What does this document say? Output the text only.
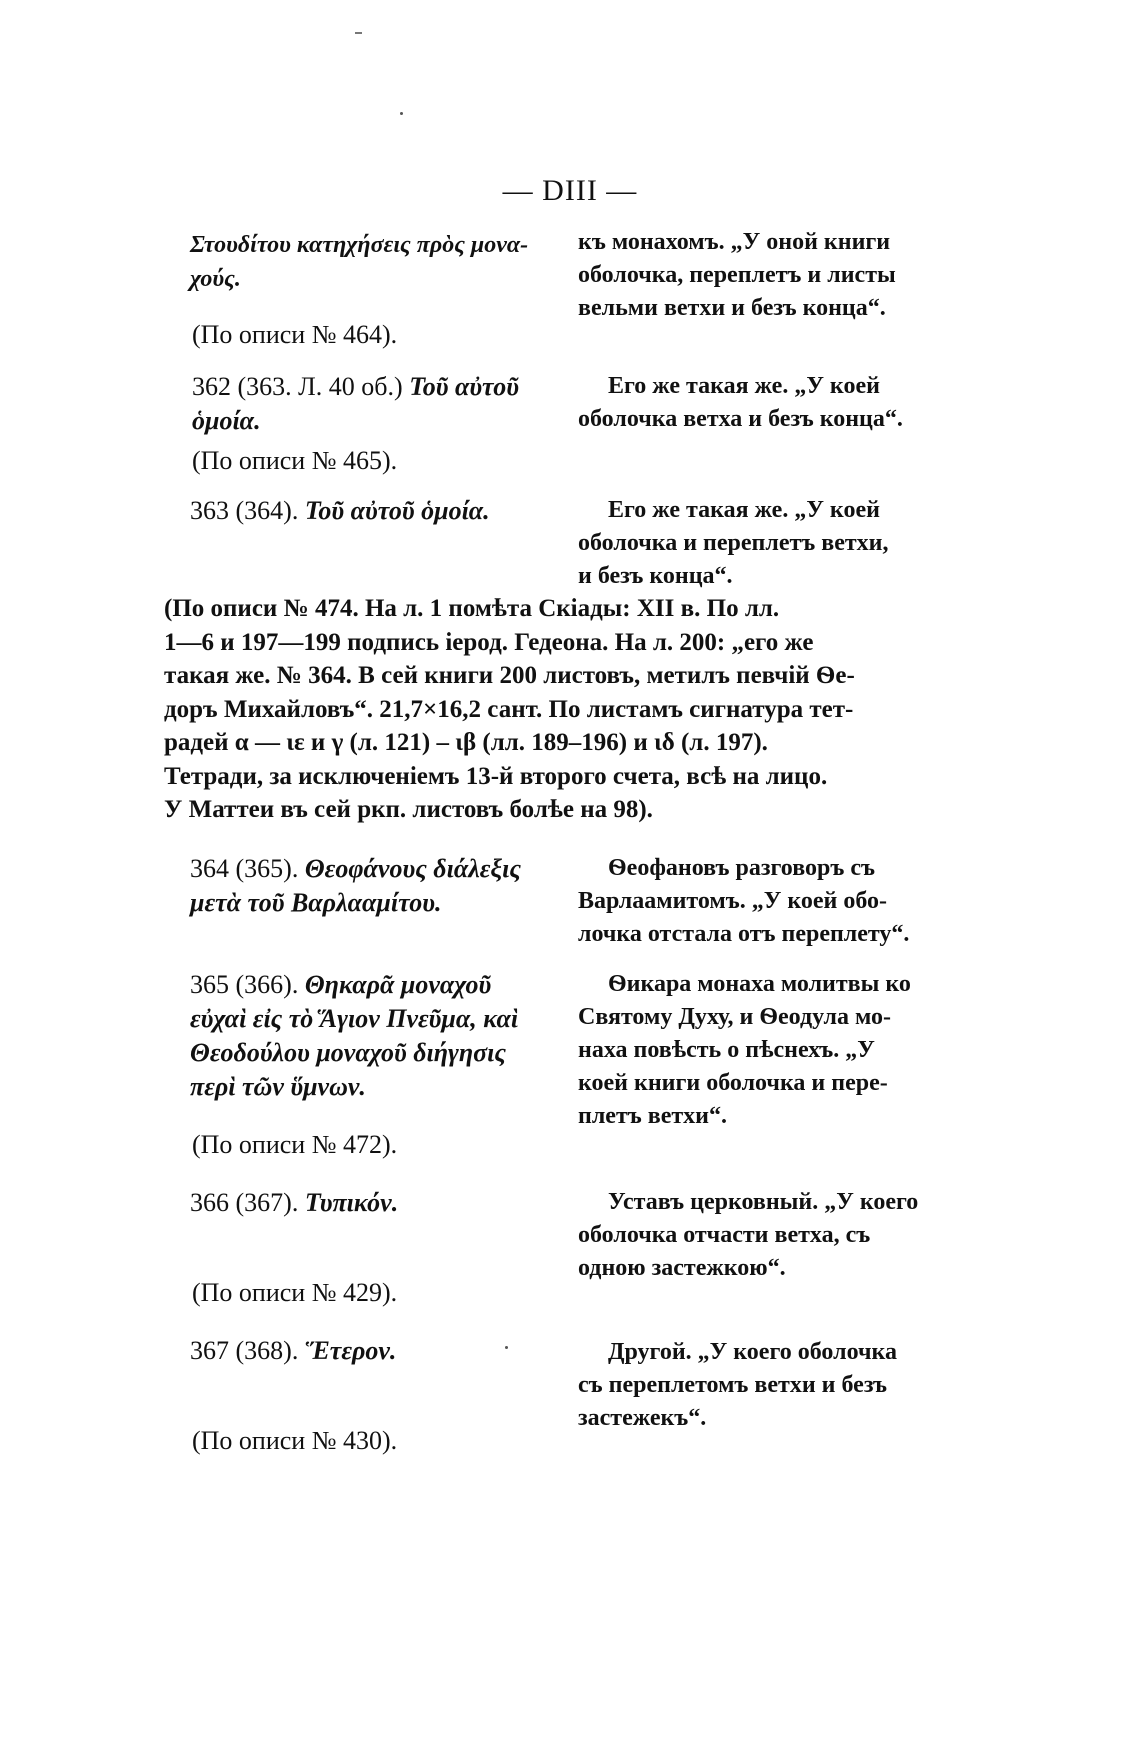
— DIII —
Στουδίτου κατηχήσεις πρὸς μονα-
χούς.
(По описи № 464).
къ монахомъ. „У оной книги
оболочка, переплетъ и листы
вельми ветхи и безъ конца“.
362 (363. Л. 40 об.) Τοῦ αὐτοῦ ὁμοία.
(По описи № 465).
Его же такая же. „У коей
оболочка ветха и безъ конца“.
363 (364). Τοῦ αὐτοῦ ὁμοία.	Его же такая же. „У коей
оболочка и переплетъ ветхи,
и безъ конца“.
(По описи № 474. На л. 1 помѣта Скіады: XII в. По лл.
1—6 и 197—199 подпись іерод. Гедеона. На л. 200: „его же
такая же. № 364. В сей книги 200 листовъ, метилъ певчій Ѳе-
доръ Михайловъ“. 21,7×16,2 сант. По листамъ сигнатура тет-
радей α — ιε и γ (л. 121) – ιβ (лл. 189–196) и ιδ (л. 197).
Тетради, за исключеніемъ 13-й второго счета, всѣ на лицо.
У Маттеи въ сей ркп. листовъ болѣе на 98).
364 (365). Θεοφάνους διάλεξις μετὰ τοῦ Βαρλααμίτου.
Ѳеофановъ разговоръ съ
Варлаамитомъ. „У коей обо-
лочка отстала отъ переплету“.
365 (366). Θηκαρᾶ μοναχοῦ εὐχαὶ εἰς τὸ Ἅγιον Πνεῦμα, καὶ Θεοδούλου μοναχοῦ διήγησις περὶ τῶν ὕμνων.
(По описи № 472).
Ѳикара монаха молитвы ко
Святому Духу, и Ѳеодула мо-
наха повѣсть о пѣснехъ. „У
коей книги оболочка и пере-
плетъ ветхи“.
366 (367). Τυπικόν.
(По описи № 429).
Уставъ церковный. „У коего
оболочка отчасти ветха, съ
одною застежкою“.
367 (368). Ἕτερον.
(По описи № 430).
Другой. „У коего оболочка
съ переплетомъ ветхи и безъ
застежекъ“.
